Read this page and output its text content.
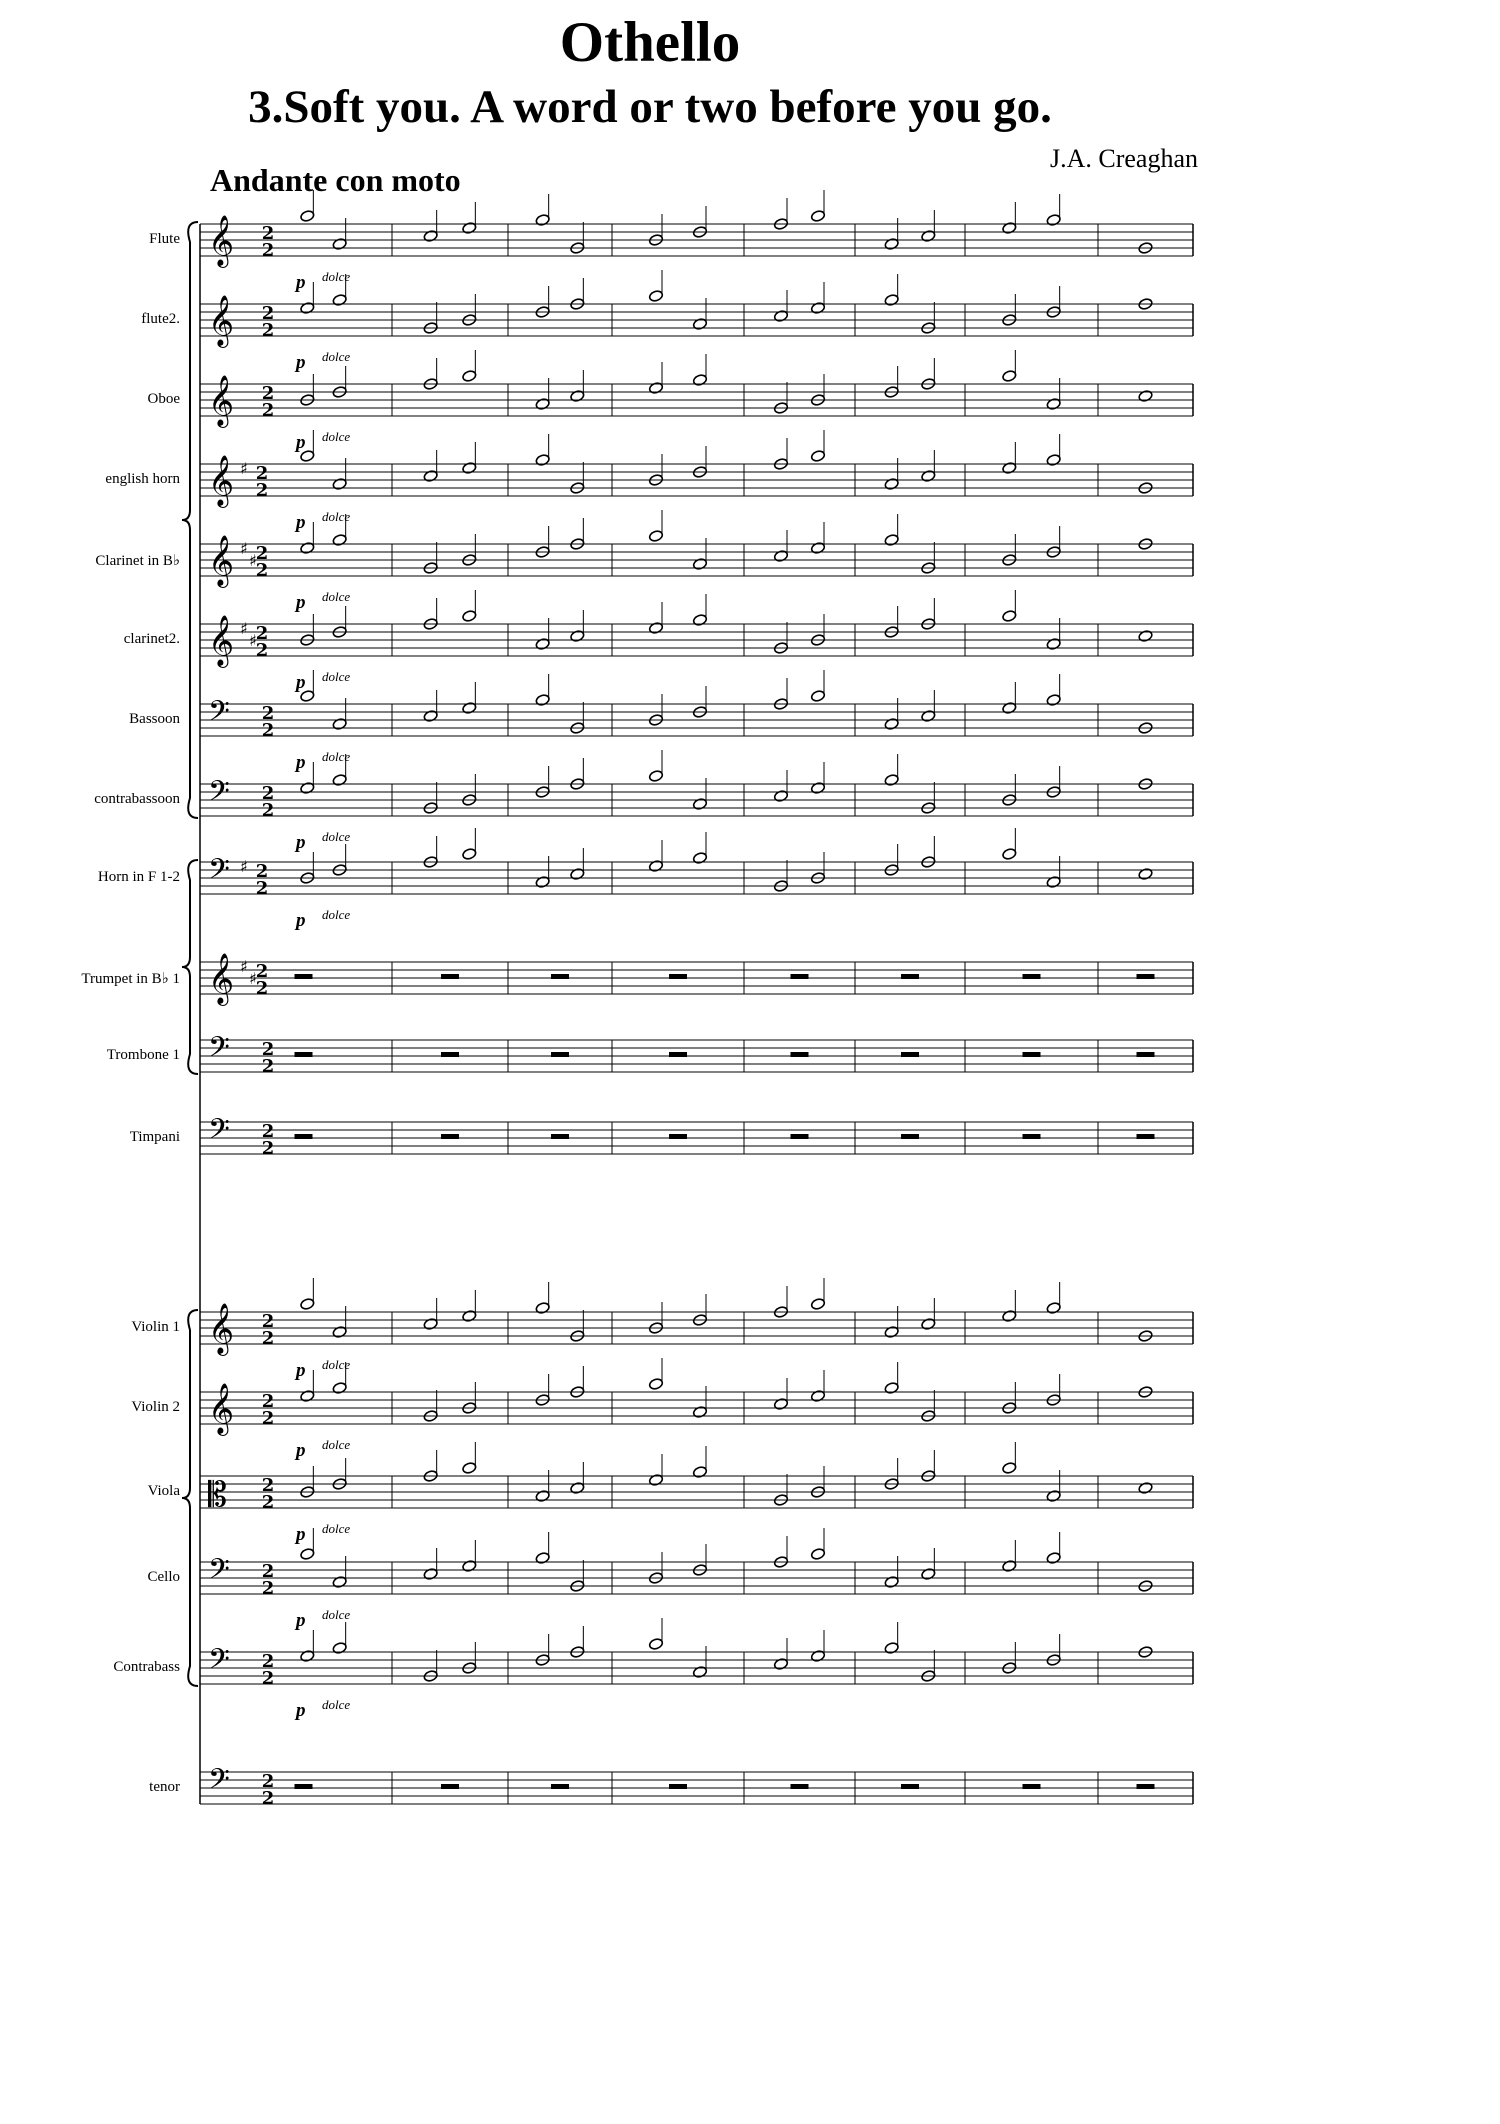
Othello
3.Soft you. A word or two before you go.
J.A. Creaghan
Andante con moto
Flute
flute2.
Oboe
english horn
Clarinet in B♭
clarinet2.
Bassoon
contrabassoon
Horn in F 1-2
Trumpet in B♭ 1
Trombone 1
Timpani
Violin 1
Violin 2
Viola
Cello
Contrabass
tenor
p dolce
p dolce
p dolce
p dolce
p dolce
p dolce
p dolce
p dolce
p dolce
p dolce
p dolce
p dolce
p dolce
p dolce
𝄞 2
2
𝄞 2
2
𝄞 2
2
𝄞 ♯ 2
2
𝄞 ♯
♯
2
2
𝄞 ♯
♯
2
2
𝄢 2
2
𝄢 2
2
𝄢 ♯ 2
2
𝄞 ♯
♯
2
2
𝄢 2
2
𝄢 2
2
𝄞 2
2
𝄞 2
2
𝄡 2
2
𝄢 2
2
𝄢 2
2
𝄢 2
2
